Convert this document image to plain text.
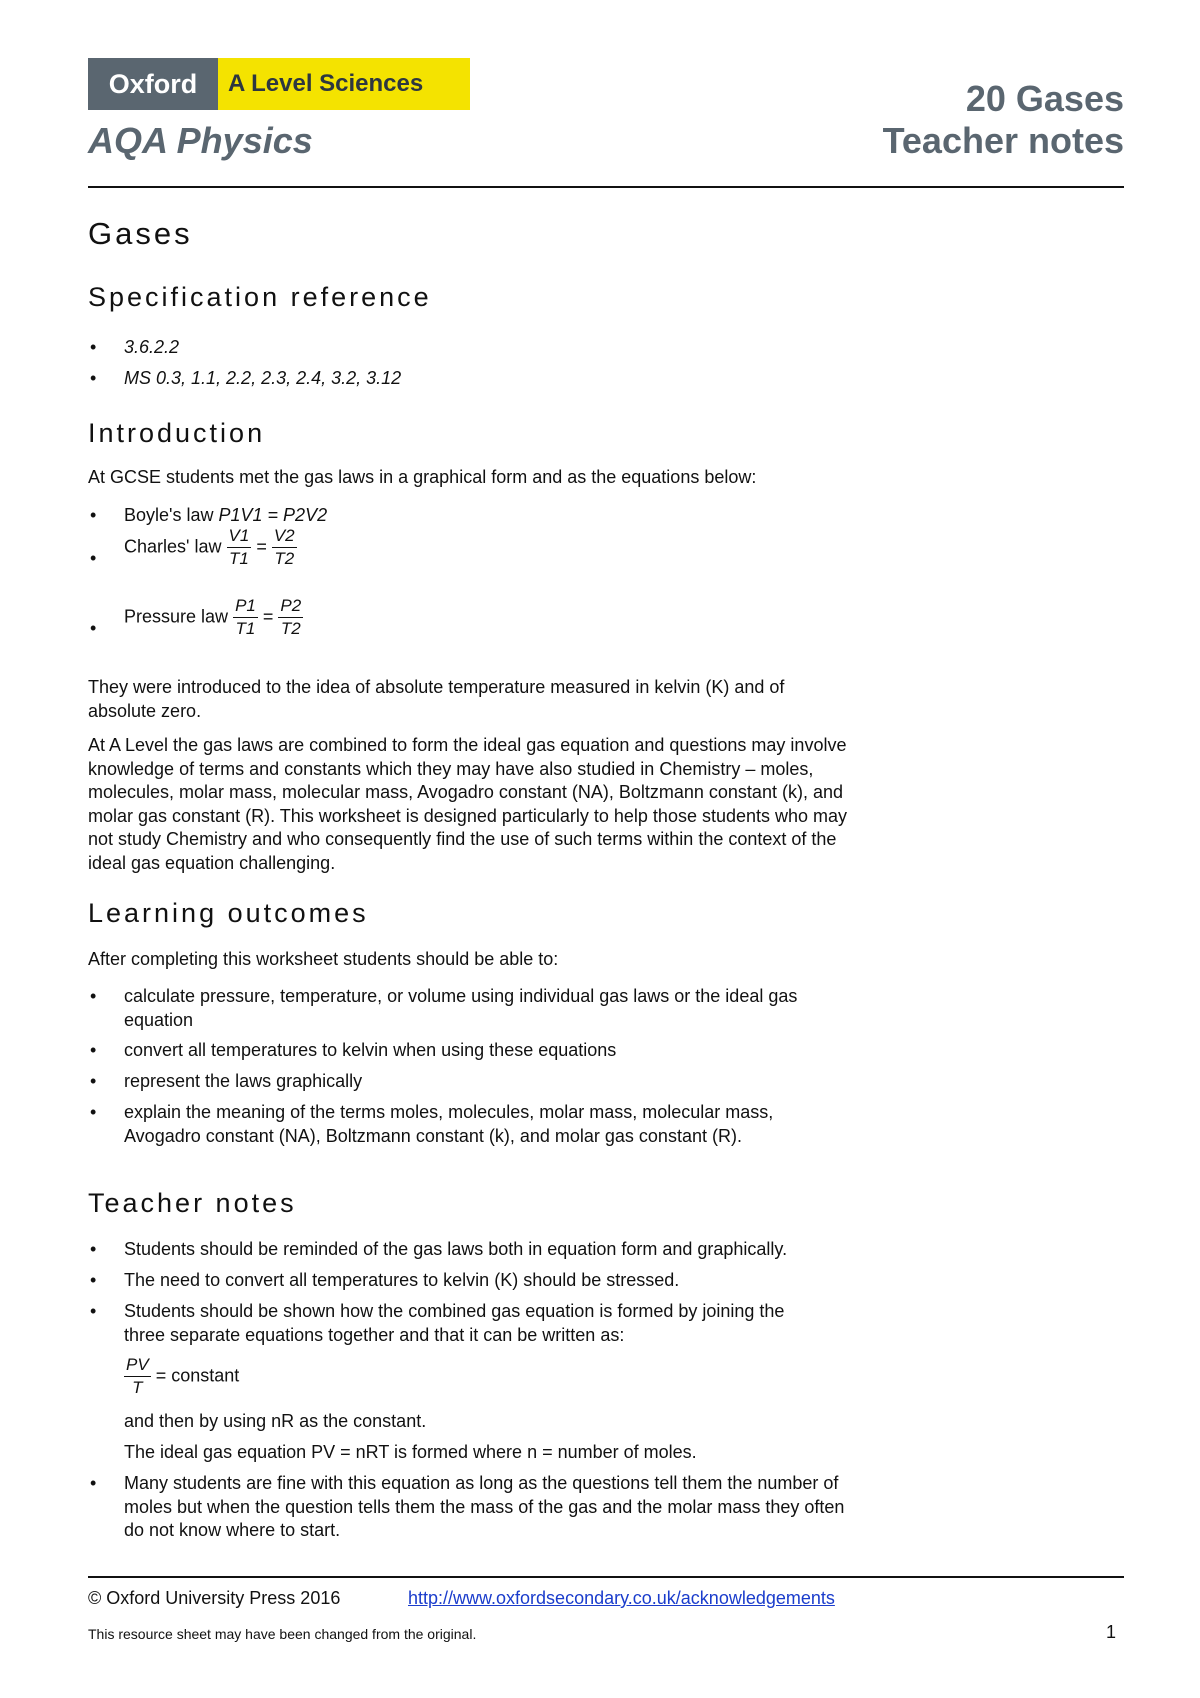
Oxford	A Level Sciences
AQA Physics
20 Gases
Teacher notes
Gases
Specification reference
• 3.6.2.2
• MS 0.3, 1.1, 2.2, 2.3, 2.4, 3.2, 3.12
Introduction
At GCSE students met the gas laws in a graphical form and as the equations below:
• Boyle's law P1V1 = P2V2
•
Charles' law $\frac{V1}{T1} = \frac{V2}{T2}$
•
Pressure law $\frac{P1}{T1} = \frac{P2}{T2}$
They were introduced to the idea of absolute temperature measured in kelvin (K) and of
absolute zero.
At A Level the gas laws are combined to form the ideal gas equation and questions may involve
knowledge of terms and constants which they may have also studied in Chemistry – moles,
molecules, molar mass, molecular mass, Avogadro constant (NA), Boltzmann constant (k), and
molar gas constant (R). This worksheet is designed particularly to help those students who may
not study Chemistry and who consequently find the use of such terms within the context of the
ideal gas equation challenging.
Learning outcomes
After completing this worksheet students should be able to:
• calculate pressure, temperature, or volume using individual gas laws or the ideal gas
equation
• convert all temperatures to kelvin when using these equations
• represent the laws graphically
• explain the meaning of the terms moles, molecules, molar mass, molecular mass,
Avogadro constant (NA), Boltzmann constant (k), and molar gas constant (R).
Teacher notes
• Students should be reminded of the gas laws both in equation form and graphically.
• The need to convert all temperatures to kelvin (K) should be stressed.
• Students should be shown how the combined gas equation is formed by joining the
three separate equations together and that it can be written as:
$\frac{PV}{T}$ = constant
and then by using nR as the constant.
The ideal gas equation PV = nRT is formed where n = number of moles.
• Many students are fine with this equation as long as the questions tell them the number of
moles but when the question tells them the mass of the gas and the molar mass they often
do not know where to start.
© Oxford University Press 2016	http://www.oxfordsecondary.co.uk/acknowledgements
This resource sheet may have been changed from the original.	1
